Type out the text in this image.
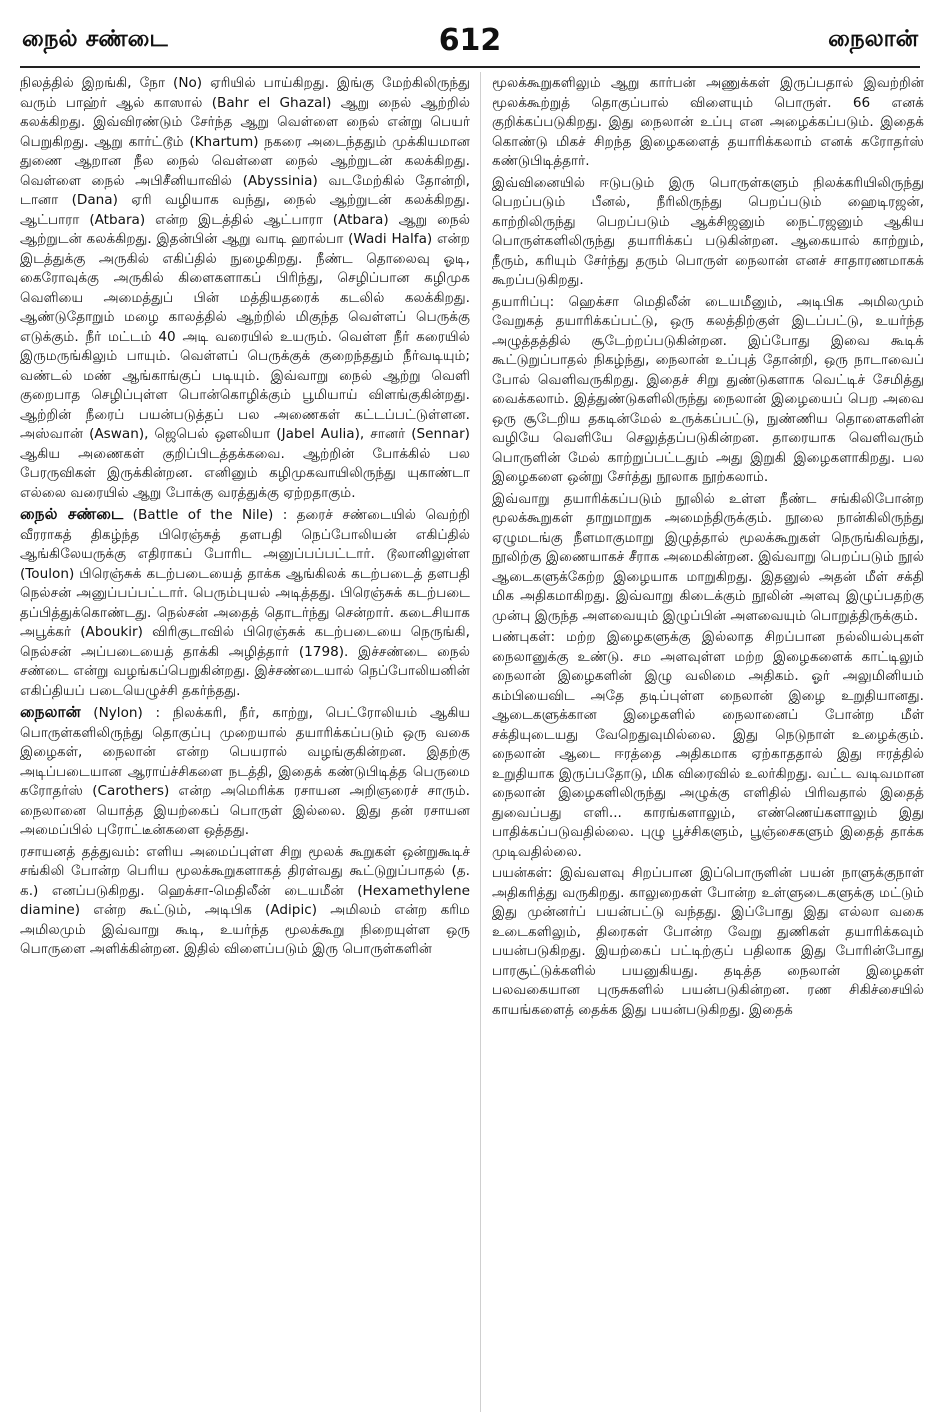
நைல் சண்டை	612	நைலான்

நிலத்தில் இறங்கி, நோ (No) ஏரியில் பாய்கிறது. இங்கு மேற்கிலிருந்து வரும் பாஹ்ர் ஆல் காஸால் (Bahr el Ghazal) ஆறு நைல் ஆற்றில் கலக்கிறது. இவ்விரண்டும் சேர்ந்த ஆறு வெள்ளை நைல் என்று பெயர் பெறுகிறது. ஆறு கார்ட்டூம் (Khartum) நகரை அடைந்ததும் முக்கியமான துணை ஆறான நீல நைல் வெள்ளை நைல் ஆற்றுடன் கலக்கிறது. வெள்ளை நைல் அபிசீனியாவில் (Abyssinia) வடமேற்கில் தோன்றி, டானா (Dana) ஏரி வழியாக வந்து, நைல் ஆற்றுடன் கலக்கிறது. ஆட்பாரா (Atbara) என்ற இடத்தில் ஆட்பாரா (Atbara) ஆறு நைல் ஆற்றுடன் கலக்கிறது. இதன்பின் ஆறு வாடி ஹால்பா (Wadi Halfa) என்ற இடத்துக்கு அருகில் எகிப்தில் நுழைகிறது. நீண்ட தொலைவு ஓடி, கைரோவுக்கு அருகில் கிளைகளாகப் பிரிந்து, செழிப்பான கழிமுக வெளியை அமைத்துப் பின் மத்தியதரைக் கடலில் கலக்கிறது. ஆண்டுதோறும் மழை காலத்தில் ஆற்றில் மிகுந்த வெள்ளப் பெருக்கு எடுக்கும். நீர் மட்டம் 40 அடி வரையில் உயரும். வெள்ள நீர் கரையில் இருமருங்கிலும் பாயும். வெள்ளப் பெருக்குக் குறைந்ததும் நீர்வடியும்; வண்டல் மண் ஆங்காங்குப் படியும். இவ்வாறு நைல் ஆற்று வெளி குறைபாத செழிப்புள்ள பொன்கொழிக்கும் பூமியாய் விளங்குகின்றது. ஆற்றின் நீரைப் பயன்படுத்தப் பல அணைகள் கட்டப்பட்டுள்ளன. அஸ்வான் (Aswan), ஜெபெல் ஔலியா (Jabel Aulia), சானர் (Sennar) ஆகிய அணைகள் குறிப்பிடத்தக்கவை. ஆற்றின் போக்கில் பல பேரருவிகள் இருக்கின்றன. எனினும் கழிமுகவாயிலிருந்து யுகாண்டா எல்லை வரையில் ஆறு போக்கு வரத்துக்கு ஏற்றதாகும்.

நைல் சண்டை (Battle of the Nile) : தரைச் சண்டையில் வெற்றி வீரராகத் திகழ்ந்த பிரெஞ்சுத் தளபதி நெப்போலியன் எகிப்தில் ஆங்கிலேயருக்கு எதிராகப் போரிட அனுப்பப்பட்டார். டூலானிலுள்ள (Toulon) பிரெஞ்சுக் கடற்படையைத் தாக்க ஆங்கிலக் கடற்படைத் தளபதி நெல்சன் அனுப்பப்பட்டார். பெரும்புயல் அடித்தது. பிரெஞ்சுக் கடற்படை தப்பித்துக்கொண்டது. நெல்சன் அதைத் தொடர்ந்து சென்றார். கடைசியாக அபூக்கர் (Aboukir) விரிகுடாவில் பிரெஞ்சுக் கடற்படையை நெருங்கி, நெல்சன் அப்படையைத் தாக்கி அழித்தார் (1798). இச்சண்டை நைல் சண்டை என்று வழங்கப்பெறுகின்றது. இச்சண்டையால் நெப்போலியனின் எகிப்தியப் படையெழுச்சி தகர்ந்தது.

நைலான் (Nylon) : நிலக்கரி, நீர், காற்று, பெட்ரோலியம் ஆகிய பொருள்களிலிருந்து தொகுப்பு முறையால் தயாரிக்கப்படும் ஒரு வகை இழைகள், நைலான் என்ற பெயரால் வழங்குகின்றன. இதற்கு அடிப்படையான ஆராய்ச்சிகளை நடத்தி, இதைக் கண்டுபிடித்த பெருமை கரோதர்ஸ் (Carothers) என்ற அமெரிக்க ரசாயன அறிஞரைச் சாரும். நைலானை யொத்த இயற்கைப் பொருள் இல்லை. இது தன் ரசாயன அமைப்பில் புரோட்டீன்களை ஒத்தது.

ரசாயனத் தத்துவம்: எளிய அமைப்புள்ள சிறு மூலக் கூறுகள் ஒன்றுகூடிச் சங்கிலி போன்ற பெரிய மூலக்கூறுகளாகத் திரள்வது கூட்டுறுப்பாதல் (த. க.) எனப்படுகிறது. ஹெக்சா-மெதிலீன் டையமீன் (Hexamethylene diamine) என்ற கூட்டும், அடிபிக (Adipic) அமிலம் என்ற கரிம அமிலமும் இவ்வாறு கூடி, உயர்ந்த மூலக்கூறு நிறையுள்ள ஒரு பொருளை அளிக்கின்றன. இதில் விளைப்படும் இரு பொருள்களின்

மூலக்கூறுகளிலும் ஆறு கார்பன் அணுக்கள் இருப்பதால் இவற்றின் மூலக்கூற்றுத் தொகுப்பால் விளையும் பொருள். 66 எனக் குறிக்கப்படுகிறது. இது நைலான் உப்பு என அழைக்கப்படும். இதைக் கொண்டு மிகச் சிறந்த இழைகளைத் தயாரிக்கலாம் எனக் கரோதர்ஸ் கண்டுபிடித்தார்.

இவ்வினையில் ஈடுபடும் இரு பொருள்களும் நிலக்கரியிலிருந்து பெறப்படும் பீனல், நீரிலிருந்து பெறப்படும் ஹைடிரஜன், காற்றிலிருந்து பெறப்படும் ஆக்சிஜனும் நைட்ரஜனும் ஆகிய பொருள்களிலிருந்து தயாரிக்கப் படுகின்றன. ஆகையால் காற்றும், நீரும், கரியும் சேர்ந்து தரும் பொருள் நைலான் எனச் சாதாரணமாகக் கூறப்படுகிறது.

தயாரிப்பு: ஹெக்சா மெதிலீன் டையமீனும், அடிபிக அமிலமும் வேறுகத் தயாரிக்கப்பட்டு, ஒரு கலத்திற்குள் இடப்பட்டு, உயர்ந்த அழுத்தத்தில் சூடேற்றப்படுகின்றன. இப்போது இவை கூடிக் கூட்டுறுப்பாதல் நிகழ்ந்து, நைலான் உப்புத் தோன்றி, ஒரு நாடாவைப் போல் வெளிவருகிறது. இதைச் சிறு துண்டுகளாக வெட்டிச் சேமித்து வைக்கலாம். இத்துண்டுகளிலிருந்து நைலான் இழையைப் பெற அவை ஒரு சூடேறிய தகடின்மேல் உருக்கப்பட்டு, நுண்ணிய தொளைகளின் வழியே வெளியே செலுத்தப்படுகின்றன. தாரையாக வெளிவரும் பொருளின் மேல் காற்றுப்பட்டதும் அது இறுகி இழைகளாகிறது. பல இழைகளை ஒன்று சேர்த்து நூலாக நூற்கலாம்.

இவ்வாறு தயாரிக்கப்படும் நூலில் உள்ள நீண்ட சங்கிலிபோன்ற மூலக்கூறுகள் தாறுமாறுக அமைந்திருக்கும். நூலை நான்கிலிருந்து ஏழுமடங்கு நீளமாகுமாறு இழுத்தால் மூலக்கூறுகள் நெருங்கிவந்து, நூலிற்கு இணையாகச் சீராக அமைகின்றன. இவ்வாறு பெறப்படும் நூல் ஆடைகளுக்கேற்ற இழையாக மாறுகிறது. இதனுல் அதன் மீள் சக்தி மிக அதிகமாகிறது. இவ்வாறு கிடைக்கும் நூலின் அளவு இழுப்பதற்கு முன்பு இருந்த அளவையும் இழுப்பின் அளவையும் பொறுத்திருக்கும்.

பண்புகள்: மற்ற இழைகளுக்கு இல்லாத சிறப்பான நல்லியல்புகள் நைலானுக்கு உண்டு. சம அளவுள்ள மற்ற இழைகளைக் காட்டிலும் நைலான் இழைகளின் இழு வலிமை அதிகம். ஓர் அலுமினியம் கம்பியைவிட அதே தடிப்புள்ள நைலான் இழை உறுதியானது. ஆடைகளுக்கான இழைகளில் நைலானைப் போன்ற மீள் சக்தியுடையது வேறெதுவுமில்லை. இது நெடுநாள் உழைக்கும். நைலான் ஆடை ஈரத்தை அதிகமாக ஏற்காததால் இது ஈரத்தில் உறுதியாக இருப்பதோடு, மிக விரைவில் உலர்கிறது. வட்ட வடிவமான நைலான் இழைகளிலிருந்து அழுக்கு எளிதில் பிரிவதால் இதைத் துவைப்பது எளி... காரங்களாலும், எண்ணெய்களாலும் இது பாதிக்கப்படுவதில்லை. புழு பூச்சிகளும், பூஞ்சைகளும் இதைத் தாக்க முடிவதில்லை.

பயன்கள்: இவ்வளவு சிறப்பான இப்பொருளின் பயன் நாளுக்குநாள் அதிகரித்து வருகிறது. காலுறைகள் போன்ற உள்ளுடைகளுக்கு மட்டும் இது முன்னர்ப் பயன்பட்டு வந்தது. இப்போது இது எல்லா வகை உடைகளிலும், திரைகள் போன்ற வேறு துணிகள் தயாரிக்கவும் பயன்படுகிறது. இயற்கைப் பட்டிற்குப் பதிலாக இது போரின்போது பாரசூட்டுக்களில் பயனுகியது. தடித்த நைலான் இழைகள் பலவகையான புருசுகளில் பயன்படுகின்றன. ரண சிகிச்சையில் காயங்களைத் தைக்க இது பயன்படுகிறது. இதைக்
